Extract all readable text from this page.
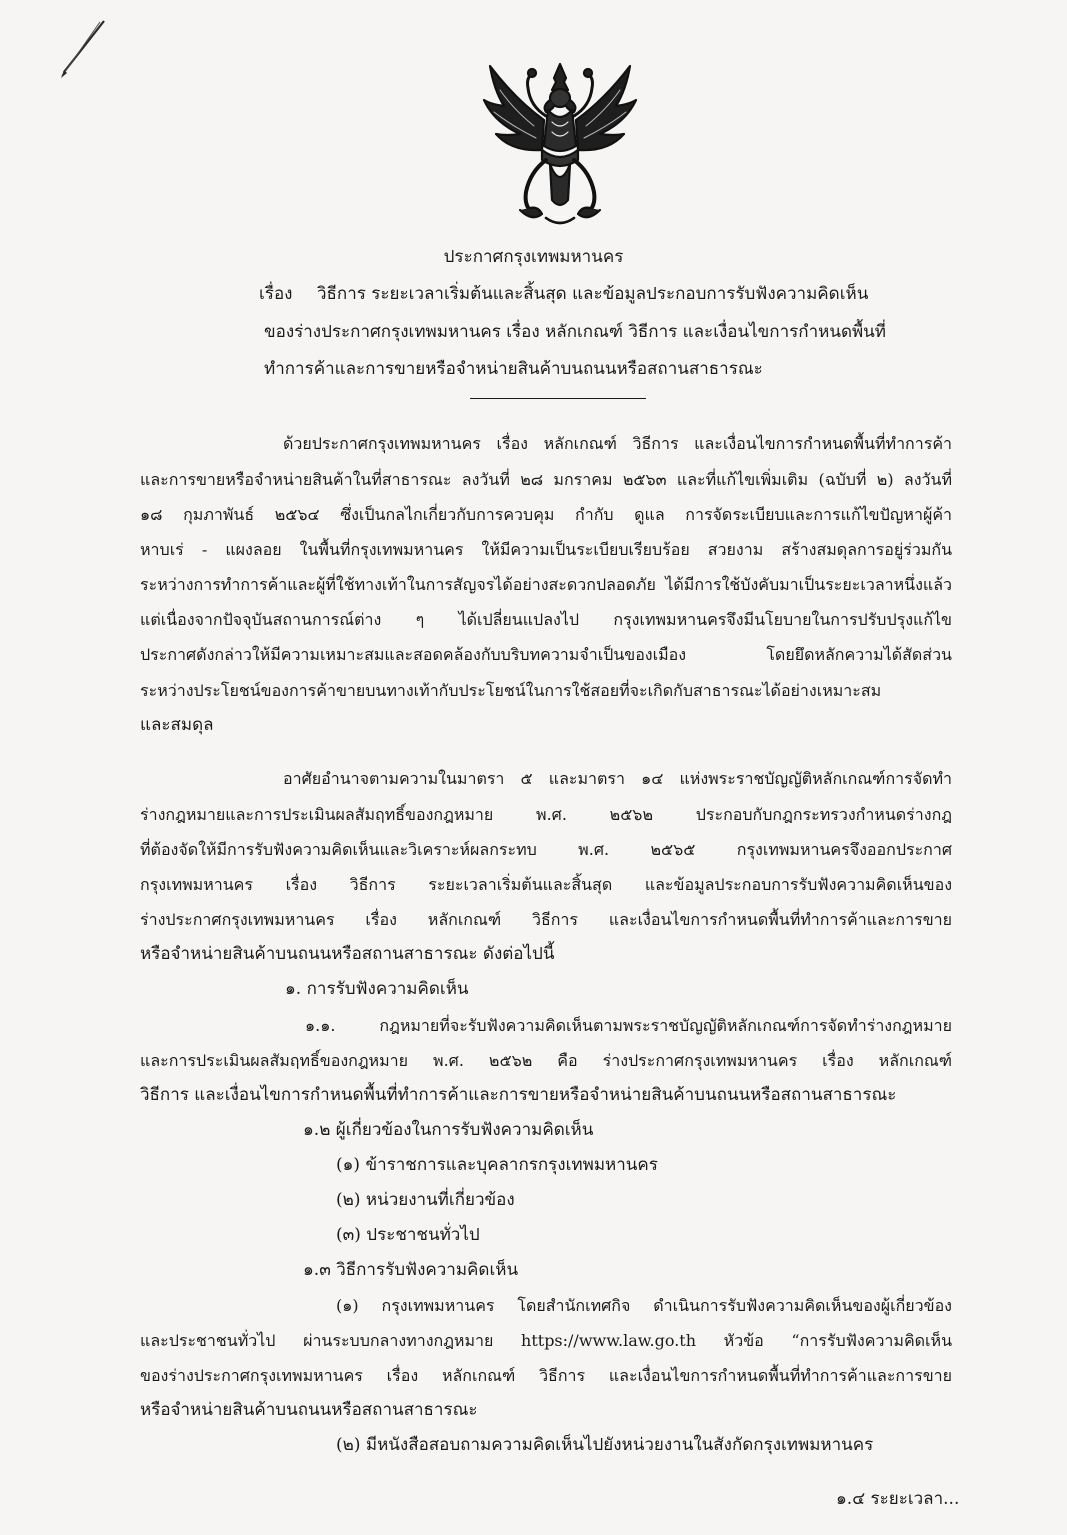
ประกาศกรุงเทพมหานคร
เรื่อง วิธีการ ระยะเวลาเริ่มต้นและสิ้นสุด และข้อมูลประกอบการรับฟังความคิดเห็น
ของร่างประกาศกรุงเทพมหานคร เรื่อง หลักเกณฑ์ วิธีการ และเงื่อนไขการกำหนดพื้นที่
ทำการค้าและการขายหรือจำหน่ายสินค้าบนถนนหรือสถานสาธารณะ
ด้วยประกาศกรุงเทพมหานคร เรื่อง หลักเกณฑ์ วิธีการ และเงื่อนไขการกำหนดพื้นที่ทำการค้า
และการขายหรือจำหน่ายสินค้าในที่สาธารณะ ลงวันที่ ๒๘ มกราคม ๒๕๖๓ และที่แก้ไขเพิ่มเติม (ฉบับที่ ๒) ลงวันที่
๑๘ กุมภาพันธ์ ๒๕๖๔ ซึ่งเป็นกลไกเกี่ยวกับการควบคุม กำกับ ดูแล การจัดระเบียบและการแก้ไขปัญหาผู้ค้า
หาบเร่ - แผงลอย ในพื้นที่กรุงเทพมหานคร ให้มีความเป็นระเบียบเรียบร้อย สวยงาม สร้างสมดุลการอยู่ร่วมกัน
ระหว่างการทำการค้าและผู้ที่ใช้ทางเท้าในการสัญจรได้อย่างสะดวกปลอดภัย ได้มีการใช้บังคับมาเป็นระยะเวลาหนึ่งแล้ว
แต่เนื่องจากปัจจุบันสถานการณ์ต่าง ๆ ได้เปลี่ยนแปลงไป กรุงเทพมหานครจึงมีนโยบายในการปรับปรุงแก้ไข
ประกาศดังกล่าวให้มีความเหมาะสมและสอดคล้องกับบริบทความจำเป็นของเมือง โดยยึดหลักความได้สัดส่วน
ระหว่างประโยชน์ของการค้าขายบนทางเท้ากับประโยชน์ในการใช้สอยที่จะเกิดกับสาธารณะได้อย่างเหมาะสม
และสมดุล
อาศัยอำนาจตามความในมาตรา ๕ และมาตรา ๑๔ แห่งพระราชบัญญัติหลักเกณฑ์การจัดทำ
ร่างกฎหมายและการประเมินผลสัมฤทธิ์ของกฎหมาย พ.ศ. ๒๕๖๒ ประกอบกับกฎกระทรวงกำหนดร่างกฎ
ที่ต้องจัดให้มีการรับฟังความคิดเห็นและวิเคราะห์ผลกระทบ พ.ศ. ๒๕๖๕ กรุงเทพมหานครจึงออกประกาศ
กรุงเทพมหานคร เรื่อง วิธีการ ระยะเวลาเริ่มต้นและสิ้นสุด และข้อมูลประกอบการรับฟังความคิดเห็นของ
ร่างประกาศกรุงเทพมหานคร เรื่อง หลักเกณฑ์ วิธีการ และเงื่อนไขการกำหนดพื้นที่ทำการค้าและการขาย
หรือจำหน่ายสินค้าบนถนนหรือสถานสาธารณะ ดังต่อไปนี้
๑. การรับฟังความคิดเห็น
๑.๑. กฎหมายที่จะรับฟังความคิดเห็นตามพระราชบัญญัติหลักเกณฑ์การจัดทำร่างกฎหมาย
และการประเมินผลสัมฤทธิ์ของกฎหมาย พ.ศ. ๒๕๖๒ คือ ร่างประกาศกรุงเทพมหานคร เรื่อง หลักเกณฑ์
วิธีการ และเงื่อนไขการกำหนดพื้นที่ทำการค้าและการขายหรือจำหน่ายสินค้าบนถนนหรือสถานสาธารณะ
๑.๒ ผู้เกี่ยวข้องในการรับฟังความคิดเห็น
(๑) ข้าราชการและบุคลากรกรุงเทพมหานคร
(๒) หน่วยงานที่เกี่ยวข้อง
(๓) ประชาชนทั่วไป
๑.๓ วิธีการรับฟังความคิดเห็น
(๑) กรุงเทพมหานคร โดยสำนักเทศกิจ ดำเนินการรับฟังความคิดเห็นของผู้เกี่ยวข้อง
และประชาชนทั่วไป ผ่านระบบกลางทางกฎหมาย https://www.law.go.th หัวข้อ “การรับฟังความคิดเห็น
ของร่างประกาศกรุงเทพมหานคร เรื่อง หลักเกณฑ์ วิธีการ และเงื่อนไขการกำหนดพื้นที่ทำการค้าและการขาย
หรือจำหน่ายสินค้าบนถนนหรือสถานสาธารณะ
(๒) มีหนังสือสอบถามความคิดเห็นไปยังหน่วยงานในสังกัดกรุงเทพมหานคร
๑.๔ ระยะเวลา...
